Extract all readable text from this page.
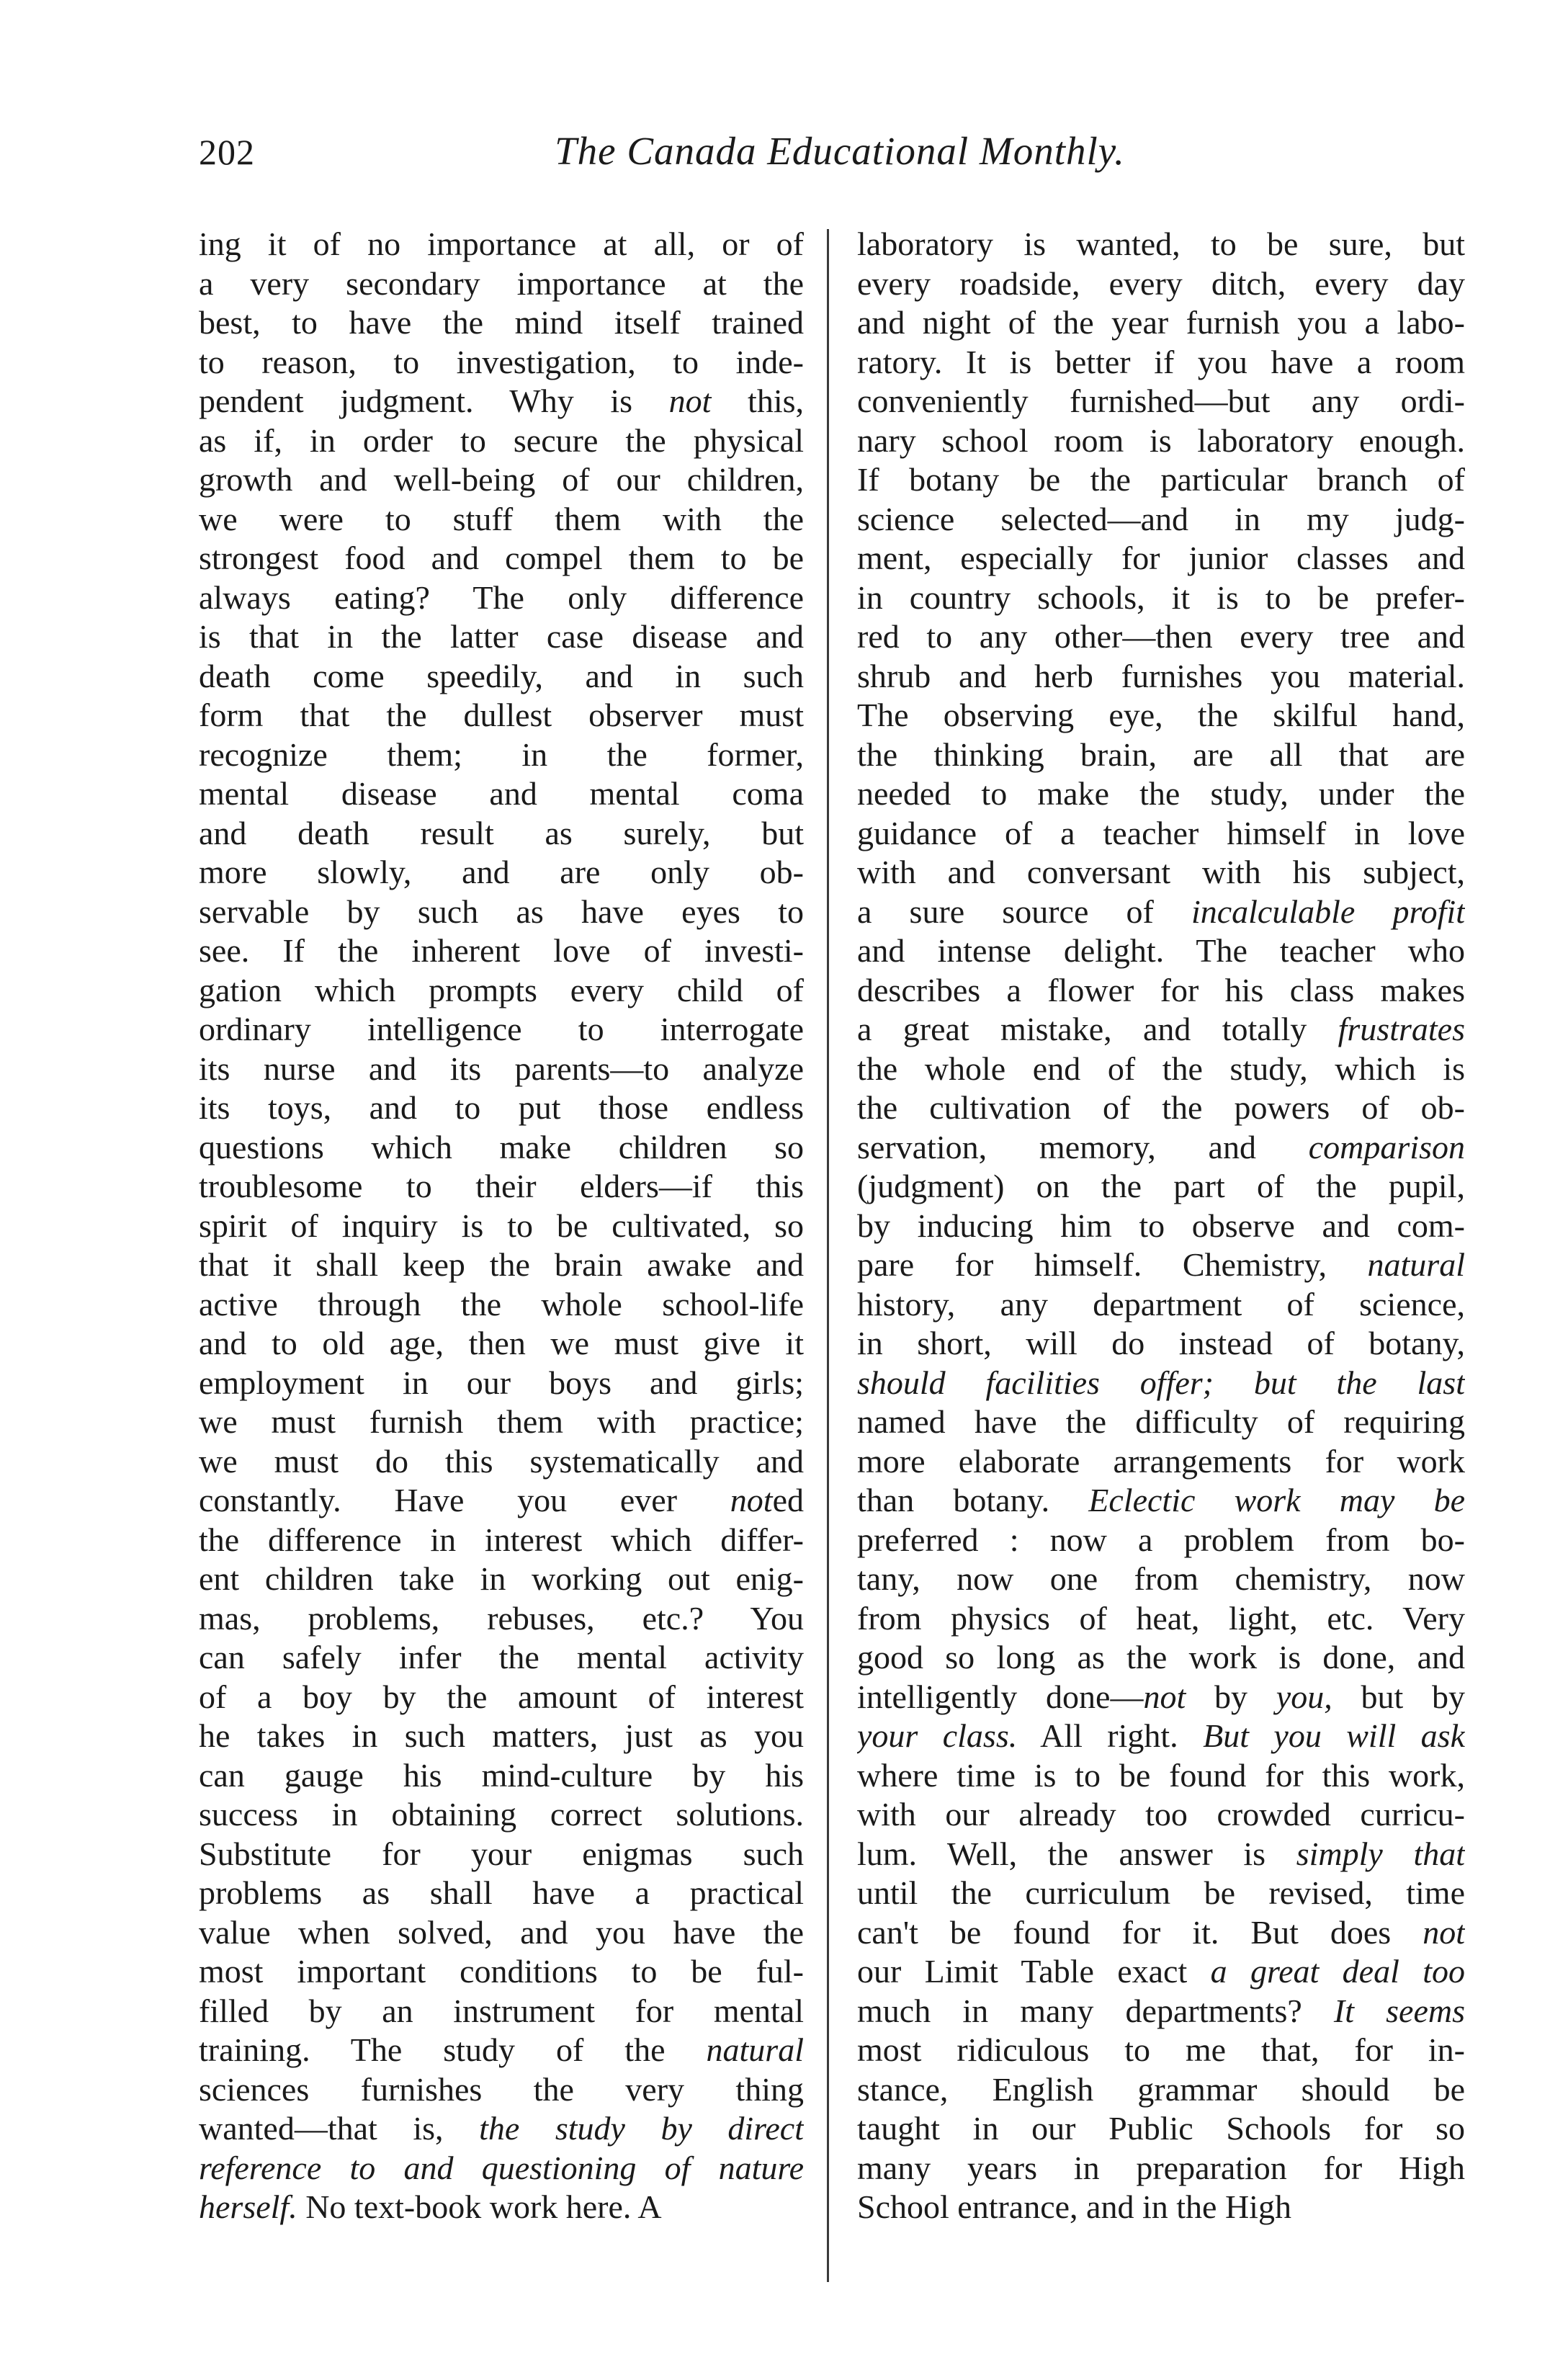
202	The Canada Educational Monthly.
ing it of no importance at all, or of
a very secondary importance at the
best, to have the mind itself trained
to reason, to investigation, to inde-
pendent judgment. Why is not this,
as if, in order to secure the physical
growth and well-being of our children,
we were to stuff them with the
strongest food and compel them to be
always eating? The only difference
is that in the latter case disease and
death come speedily, and in such
form that the dullest observer must
recognize them; in the former,
mental disease and mental coma
and death result as surely, but
more slowly, and are only ob-
servable by such as have eyes to
see. If the inherent love of investi-
gation which prompts every child of
ordinary intelligence to interrogate
its nurse and its parents—to analyze
its toys, and to put those endless
questions which make children so
troublesome to their elders—if this
spirit of inquiry is to be cultivated, so
that it shall keep the brain awake and
active through the whole school-life
and to old age, then we must give it
employment in our boys and girls;
we must furnish them with practice;
we must do this systematically and
constantly. Have you ever noted
the difference in interest which differ-
ent children take in working out enig-
mas, problems, rebuses, etc.? You
can safely infer the mental activity
of a boy by the amount of interest
he takes in such matters, just as you
can gauge his mind-culture by his
success in obtaining correct solutions.
Substitute for your enigmas such
problems as shall have a practical
value when solved, and you have the
most important conditions to be ful-
filled by an instrument for mental
training. The study of the natural
sciences furnishes the very thing
wanted—that is, the study by direct
reference to and questioning of nature
herself. No text-book work here. A
laboratory is wanted, to be sure, but
every roadside, every ditch, every day
and night of the year furnish you a labo-
ratory. It is better if you have a room
conveniently furnished—but any ordi-
nary school room is laboratory enough.
If botany be the particular branch of
science selected—and in my judg-
ment, especially for junior classes and
in country schools, it is to be prefer-
red to any other—then every tree and
shrub and herb furnishes you material.
The observing eye, the skilful hand,
the thinking brain, are all that are
needed to make the study, under the
guidance of a teacher himself in love
with and conversant with his subject,
a sure source of incalculable profit
and intense delight. The teacher who
describes a flower for his class makes
a great mistake, and totally frustrates
the whole end of the study, which is
the cultivation of the powers of ob-
servation, memory, and comparison
(judgment) on the part of the pupil,
by inducing him to observe and com-
pare for himself. Chemistry, natural
history, any department of science,
in short, will do instead of botany,
should facilities offer; but the last
named have the difficulty of requiring
more elaborate arrangements for work
than botany. Eclectic work may be
preferred : now a problem from bo-
tany, now one from chemistry, now
from physics of heat, light, etc. Very
good so long as the work is done, and
intelligently done—not by you, but by
your class. All right. But you will ask
where time is to be found for this work,
with our already too crowded curricu-
lum. Well, the answer is simply that
until the curriculum be revised, time
can't be found for it. But does not
our Limit Table exact a great deal too
much in many departments? It seems
most ridiculous to me that, for in-
stance, English grammar should be
taught in our Public Schools for so
many years in preparation for High
School entrance, and in the High
